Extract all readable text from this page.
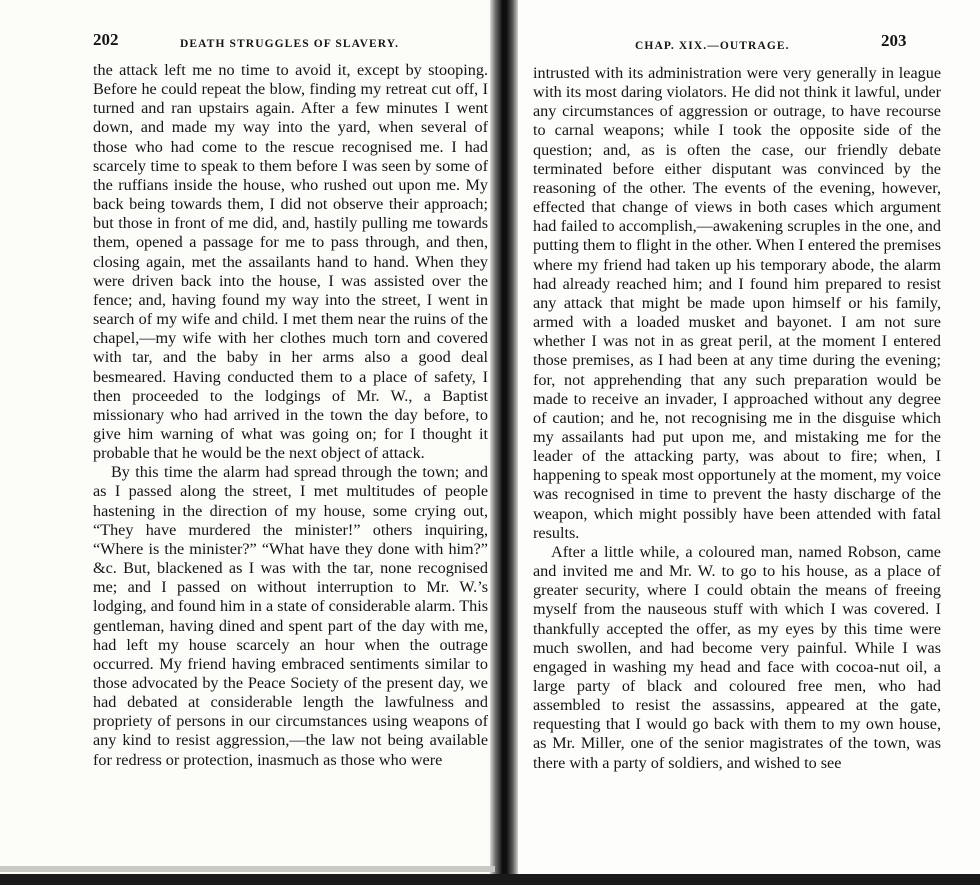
202	DEATH STRUGGLES OF SLAVERY.

the attack left me no time to avoid it, except by stooping. Before he could repeat the blow, finding my retreat cut off, I turned and ran upstairs again. After a few minutes I went down, and made my way into the yard, when several of those who had come to the rescue recognised me. I had scarcely time to speak to them before I was seen by some of the ruffians inside the house, who rushed out upon me. My back being towards them, I did not observe their approach; but those in front of me did, and, hastily pulling me towards them, opened a passage for me to pass through, and then, closing again, met the assailants hand to hand. When they were driven back into the house, I was assisted over the fence; and, having found my way into the street, I went in search of my wife and child. I met them near the ruins of the chapel,—my wife with her clothes much torn and covered with tar, and the baby in her arms also a good deal besmeared. Having conducted them to a place of safety, I then proceeded to the lodgings of Mr. W., a Baptist missionary who had arrived in the town the day before, to give him warning of what was going on; for I thought it probable that he would be the next object of attack.

By this time the alarm had spread through the town; and as I passed along the street, I met multitudes of people hastening in the direction of my house, some crying out, “They have murdered the minister!” others inquiring, “Where is the minister?” “What have they done with him?” &c. But, blackened as I was with the tar, none recognised me; and I passed on without interruption to Mr. W.’s lodging, and found him in a state of considerable alarm. This gentleman, having dined and spent part of the day with me, had left my house scarcely an hour when the outrage occurred. My friend having embraced sentiments similar to those advocated by the Peace Society of the present day, we had debated at considerable length the lawfulness and propriety of persons in our circumstances using weapons of any kind to resist aggression,—the law not being available for redress or protection, inasmuch as those who were

CHAP. XIX.—OUTRAGE.	203

intrusted with its administration were very generally in league with its most daring violators. He did not think it lawful, under any circumstances of aggression or outrage, to have recourse to carnal weapons; while I took the opposite side of the question; and, as is often the case, our friendly debate terminated before either disputant was convinced by the reasoning of the other. The events of the evening, however, effected that change of views in both cases which argument had failed to accomplish,—awakening scruples in the one, and putting them to flight in the other. When I entered the premises where my friend had taken up his temporary abode, the alarm had already reached him; and I found him prepared to resist any attack that might be made upon himself or his family, armed with a loaded musket and bayonet. I am not sure whether I was not in as great peril, at the moment I entered those premises, as I had been at any time during the evening; for, not apprehending that any such preparation would be made to receive an invader, I approached without any degree of caution; and he, not recognising me in the disguise which my assailants had put upon me, and mistaking me for the leader of the attacking party, was about to fire; when, I happening to speak most opportunely at the moment, my voice was recognised in time to prevent the hasty discharge of the weapon, which might possibly have been attended with fatal results.

After a little while, a coloured man, named Robson, came and invited me and Mr. W. to go to his house, as a place of greater security, where I could obtain the means of freeing myself from the nauseous stuff with which I was covered. I thankfully accepted the offer, as my eyes by this time were much swollen, and had become very painful. While I was engaged in washing my head and face with cocoa-nut oil, a large party of black and coloured free men, who had assembled to resist the assassins, appeared at the gate, requesting that I would go back with them to my own house, as Mr. Miller, one of the senior magistrates of the town, was there with a party of soldiers, and wished to see
